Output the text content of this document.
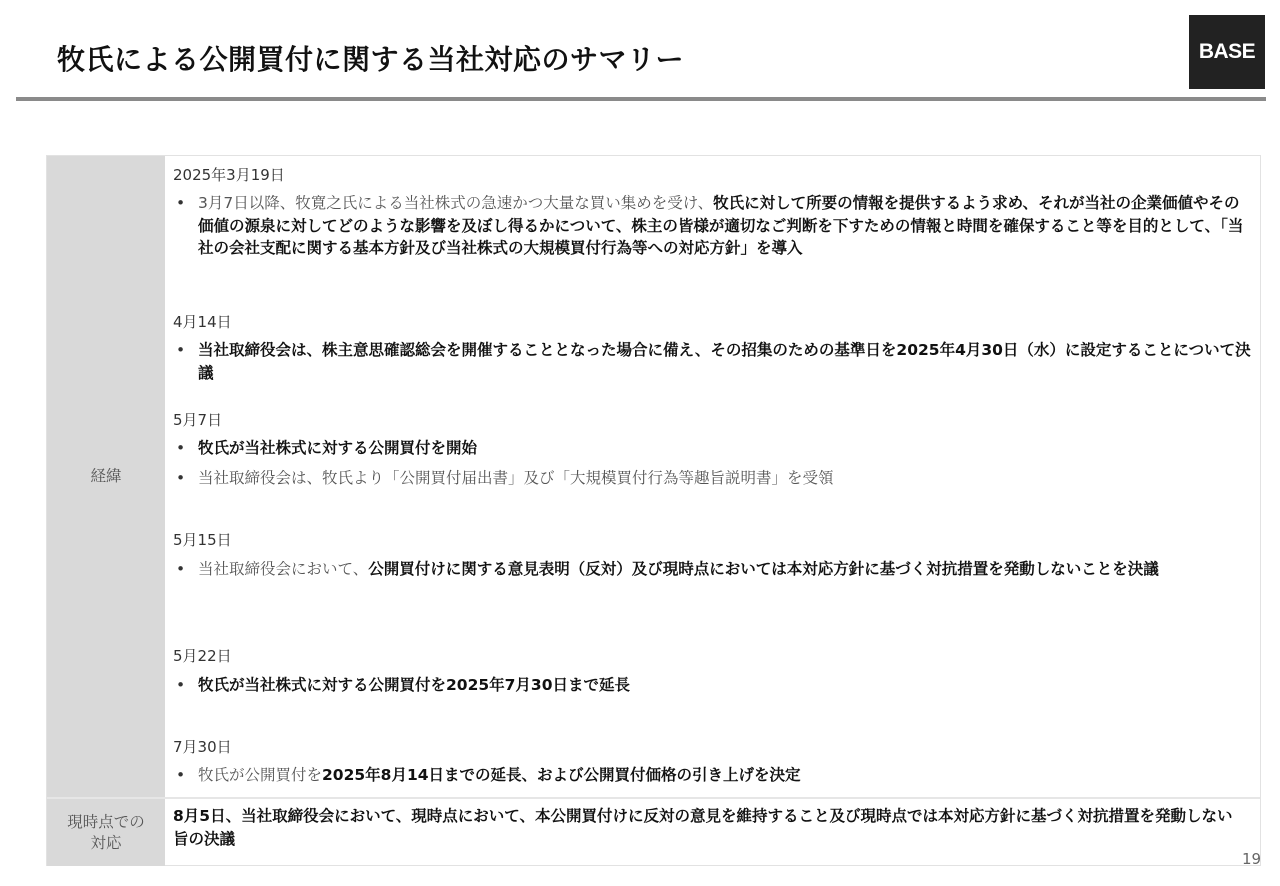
牧氏による公開買付に関する当社対応のサマリー	BASE
経緯
2025年3月19日
• 3月7日以降、牧寛之氏による当社株式の急速かつ大量な買い集めを受け、牧氏に対して所要の情報を提供するよう求め、それが当社の企業価値やその価値の源泉に対してどのような影響を及ぼし得るかについて、株主の皆様が適切なご判断を下すための情報と時間を確保すること等を目的として、「当社の会社支配に関する基本方針及び当社株式の大規模買付行為等への対応方針」を導入
4月14日
• 当社取締役会は、株主意思確認総会を開催することとなった場合に備え、その招集のための基準日を2025年4月30日（水）に設定することについて決議
5月7日
• 牧氏が当社株式に対する公開買付を開始
• 当社取締役会は、牧氏より「公開買付届出書」及び「大規模買付行為等趣旨説明書」を受領
5月15日
• 当社取締役会において、公開買付けに関する意見表明（反対）及び現時点においては本対応方針に基づく対抗措置を発動しないことを決議
5月22日
• 牧氏が当社株式に対する公開買付を2025年7月30日まで延長
7月30日
• 牧氏が公開買付を2025年8月14日までの延長、および公開買付価格の引き上げを決定
現時点での
対応
8月5日、当社取締役会において、現時点において、本公開買付けに反対の意見を維持すること及び現時点では本対応方針に基づく対抗措置を発動しない旨の決議
19
